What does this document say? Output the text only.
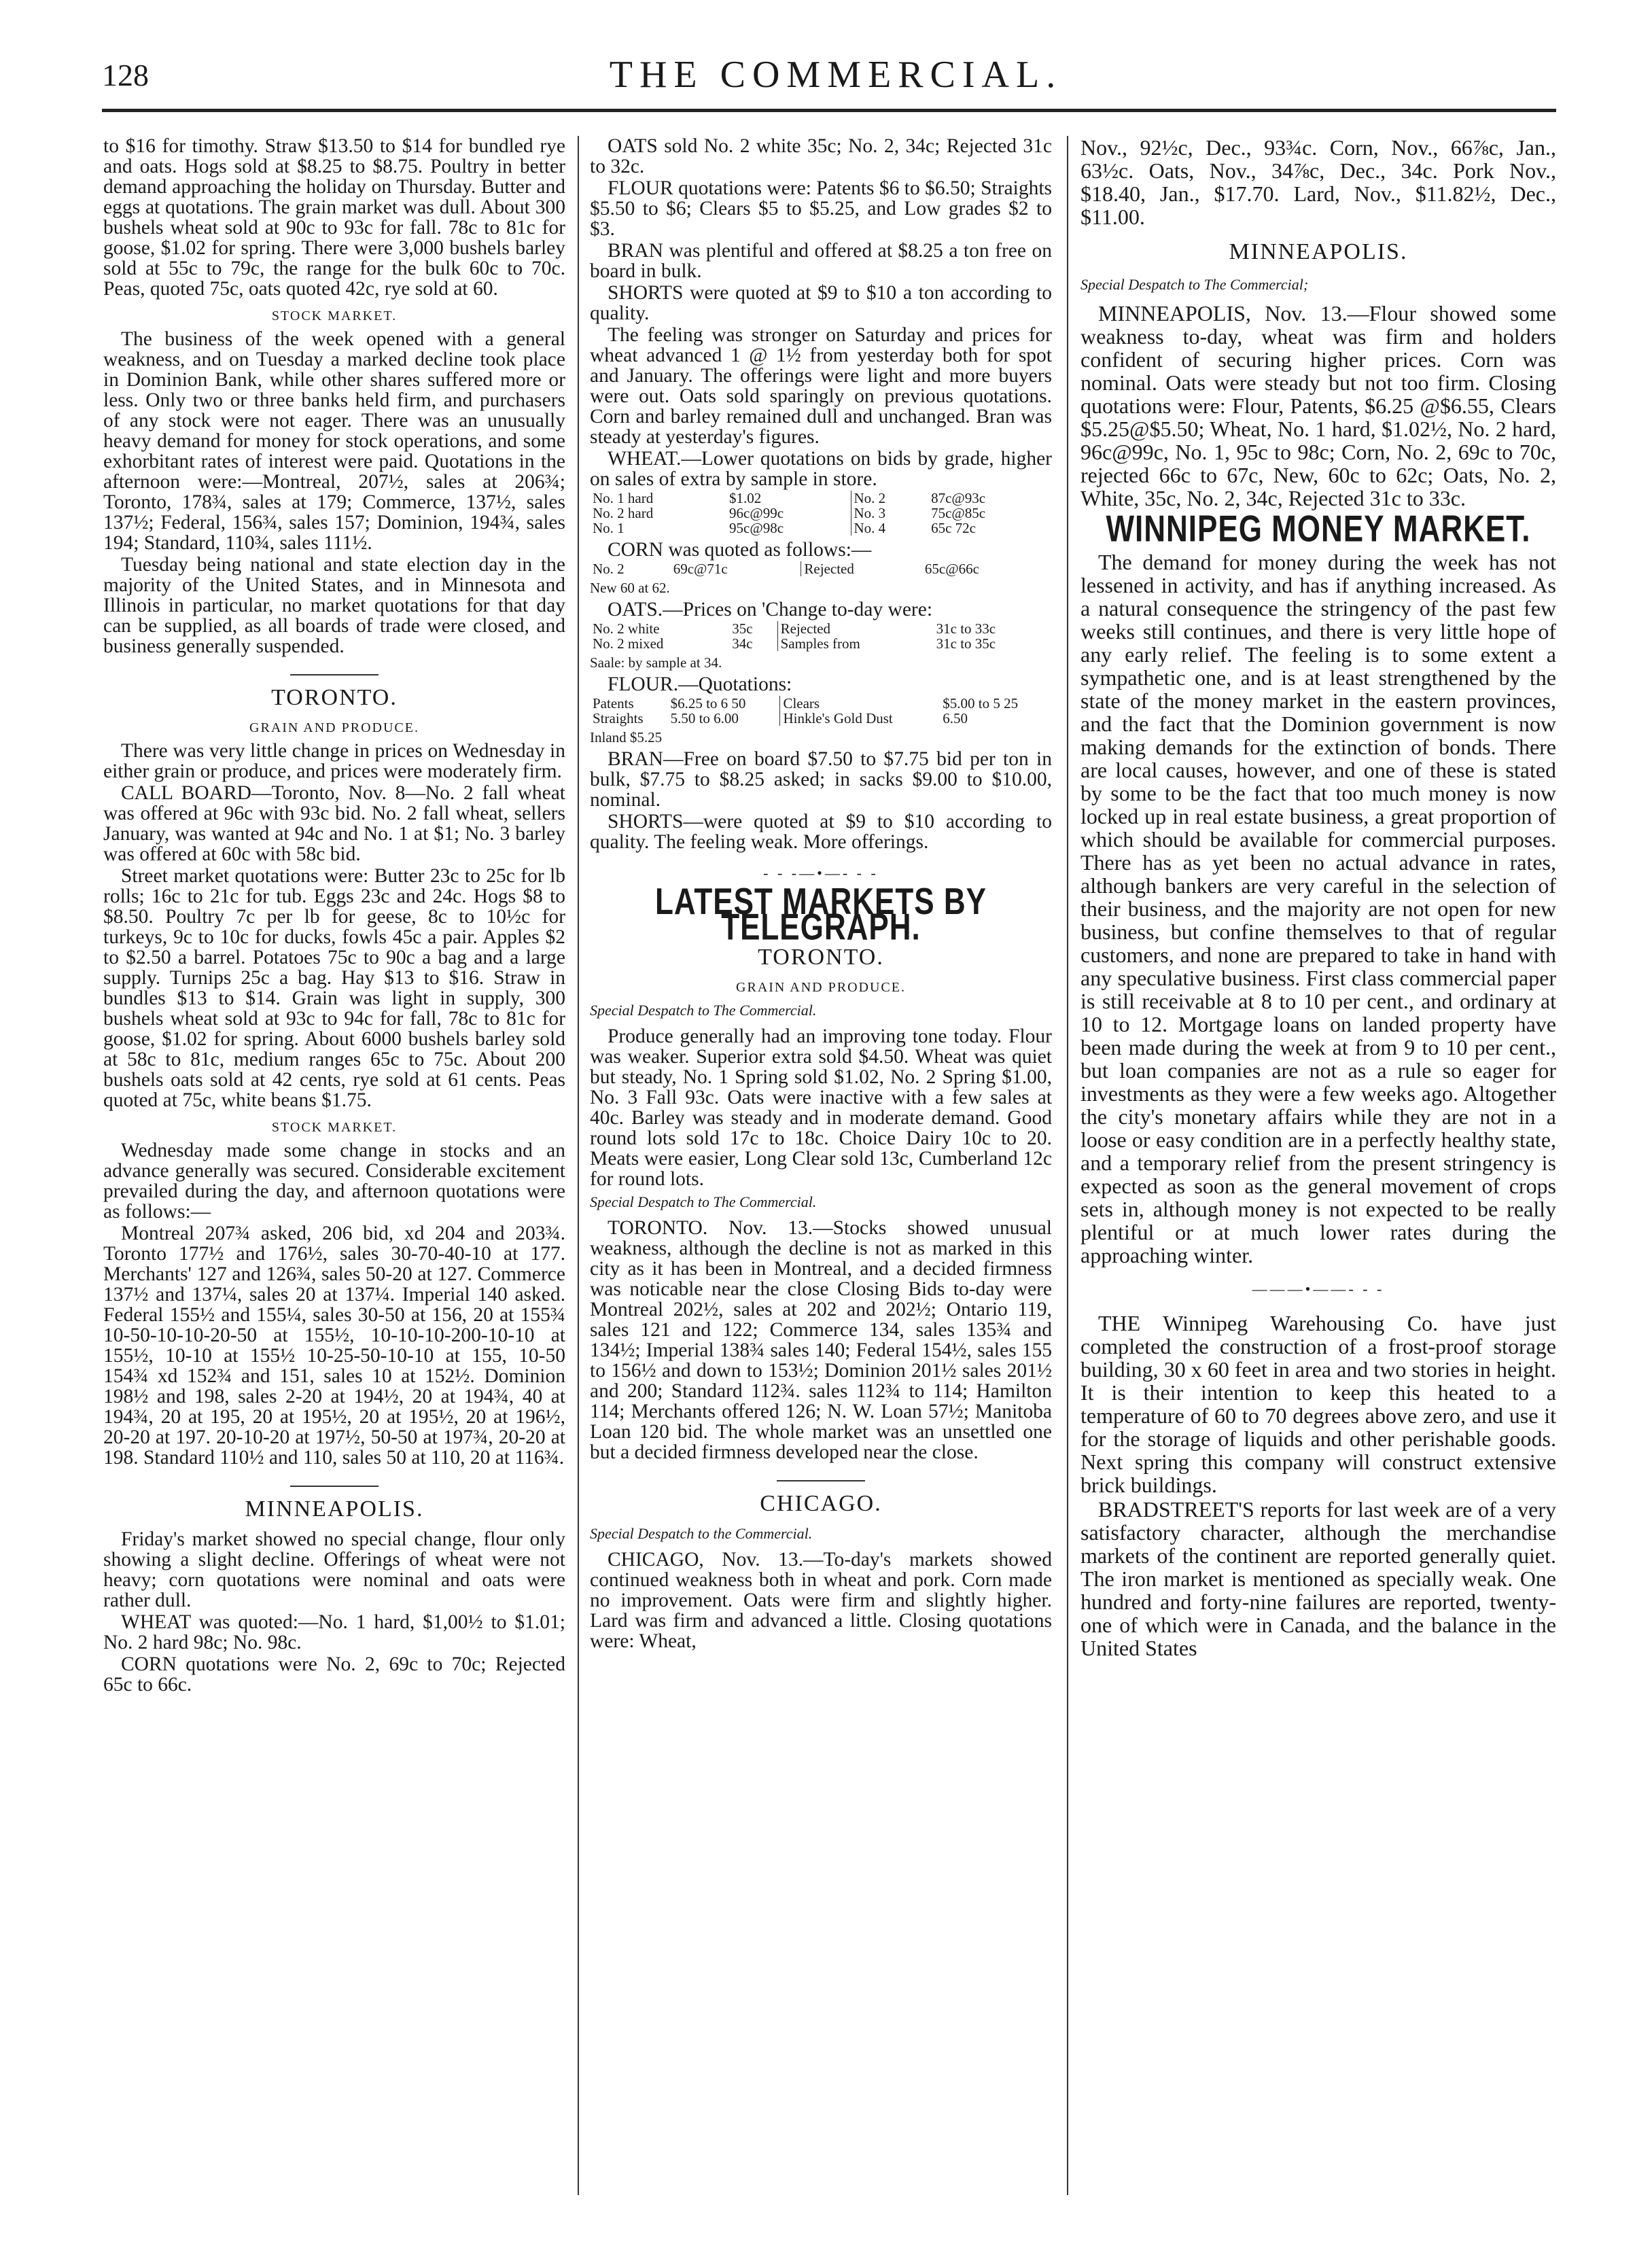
128	THE COMMERCIAL.

to $16 for timothy. Straw $13.50 to $14 for bundled rye and oats. Hogs sold at $8.25 to $8.75. Poultry in better demand approaching the holiday on Thursday. Butter and eggs at quotations. The grain market was dull. About 300 bushels wheat sold at 90c to 93c for fall. 78c to 81c for goose, $1.02 for spring. There were 3,000 bushels barley sold at 55c to 79c, the range for the bulk 60c to 70c. Peas, quoted 75c, oats quoted 42c, rye sold at 60.

STOCK MARKET.

The business of the week opened with a general weakness, and on Tuesday a marked decline took place in Dominion Bank, while other shares suffered more or less. Only two or three banks held firm, and purchasers of any stock were not eager. There was an unusually heavy demand for money for stock operations, and some exhorbitant rates of interest were paid. Quotations in the afternoon were:—Montreal, 207½, sales at 206¾; Toronto, 178¾, sales at 179; Commerce, 137½, sales 137½; Federal, 156¾, sales 157; Dominion, 194¾, sales 194; Standard, 110¾, sales 111½.

Tuesday being national and state election day in the majority of the United States, and in Minnesota and Illinois in particular, no market quotations for that day can be supplied, as all boards of trade were closed, and business generally suspended.

TORONTO.
GRAIN AND PRODUCE.

There was very little change in prices on Wednesday in either grain or produce, and prices were moderately firm.

CALL BOARD—Toronto, Nov. 8—No. 2 fall wheat was offered at 96c with 93c bid. No. 2 fall wheat, sellers January, was wanted at 94c and No. 1 at $1; No. 3 barley was offered at 60c with 58c bid.

Street market quotations were: Butter 23c to 25c for lb rolls; 16c to 21c for tub. Eggs 23c and 24c. Hogs $8 to $8.50. Poultry 7c per lb for geese, 8c to 10½c for turkeys, 9c to 10c for ducks, fowls 45c a pair. Apples $2 to $2.50 a barrel. Potatoes 75c to 90c a bag and a large supply. Turnips 25c a bag. Hay $13 to $16. Straw in bundles $13 to $14. Grain was light in supply, 300 bushels wheat sold at 93c to 94c for fall, 78c to 81c for goose, $1.02 for spring. About 6000 bushels barley sold at 58c to 81c, medium ranges 65c to 75c. About 200 bushels oats sold at 42 cents, rye sold at 61 cents. Peas quoted at 75c, white beans $1.75.

STOCK MARKET.

Wednesday made some change in stocks and an advance generally was secured. Considerable excitement prevailed during the day, and afternoon quotations were as follows:—

Montreal 207¾ asked, 206 bid, xd 204 and 203¾. Toronto 177½ and 176½, sales 30-70-40-10 at 177. Merchants' 127 and 126¾, sales 50-20 at 127. Commerce 137½ and 137¼, sales 20 at 137¼. Imperial 140 asked. Federal 155½ and 155¼, sales 30-50 at 156, 20 at 155¾ 10-50-10-10-20-50 at 155½, 10-10-10-200-10-10 at 155½, 10-10 at 155½ 10-25-50-10-10 at 155, 10-50 154¾ xd 152¾ and 151, sales 10 at 152½. Dominion 198½ and 198, sales 2-20 at 194½, 20 at 194¾, 40 at 194¾, 20 at 195, 20 at 195½, 20 at 195½, 20 at 196½, 20-20 at 197. 20-10-20 at 197½, 50-50 at 197¾, 20-20 at 198. Standard 110½ and 110, sales 50 at 110, 20 at 116¾.

MINNEAPOLIS.

Friday's market showed no special change, flour only showing a slight decline. Offerings of wheat were not heavy; corn quotations were nominal and oats were rather dull.

WHEAT was quoted:—No. 1 hard, $1,00½ to $1.01; No. 2 hard 98c; No. 98c.

CORN quotations were No. 2, 69c to 70c; Rejected 65c to 66c.

OATS sold No. 2 white 35c; No. 2, 34c; Rejected 31c to 32c.

FLOUR quotations were: Patents $6 to $6.50; Straights $5.50 to $6; Clears $5 to $5.25, and Low grades $2 to $3.

BRAN was plentiful and offered at $8.25 a ton free on board in bulk.

SHORTS were quoted at $9 to $10 a ton according to quality.

The feeling was stronger on Saturday and prices for wheat advanced 1 @ 1½ from yesterday both for spot and January. The offerings were light and more buyers were out. Oats sold sparingly on previous quotations. Corn and barley remained dull and unchanged. Bran was steady at yesterday's figures.

WHEAT.—Lower quotations on bids by grade, higher on sales of extra by sample in store.

No. 1 hard	$1.02	No. 2	87c@93c
No. 2 hard	96c@99c	No. 3	75c@85c
No. 1	95c@98c	No. 4	65c 72c

CORN was quoted as follows:—

No. 2	69c@71c	Rejected	65c@66c
New 60 at 62.

OATS.—Prices on 'Change to-day were:

No. 2 white	35c	Rejected	31c to 33c
No. 2 mixed	34c	Samples from	31c to 35c
Saale: by sample at 34.

FLOUR.—Quotations:

Patents	$6.25 to 6 50	Clears	$5.00 to 5 25
Straights	5.50 to 6.00	Hinkle's Gold Dust	6.50
Inland $5.25

BRAN—Free on board $7.50 to $7.75 bid per ton in bulk, $7.75 to $8.25 asked; in sacks $9.00 to $10.00, nominal.

SHORTS—were quoted at $9 to $10 according to quality. The feeling weak. More offerings.

- - -—•—- - -
LATEST MARKETS BY TELEGRAPH.
TORONTO.
GRAIN AND PRODUCE.
Special Despatch to The Commercial.

Produce generally had an improving tone today. Flour was weaker. Superior extra sold $4.50. Wheat was quiet but steady, No. 1 Spring sold $1.02, No. 2 Spring $1.00, No. 3 Fall 93c. Oats were inactive with a few sales at 40c. Barley was steady and in moderate demand. Good round lots sold 17c to 18c. Choice Dairy 10c to 20. Meats were easier, Long Clear sold 13c, Cumberland 12c for round lots.

Special Despatch to The Commercial.

TORONTO. Nov. 13.—Stocks showed unusual weakness, although the decline is not as marked in this city as it has been in Montreal, and a decided firmness was noticable near the close Closing Bids to-day were Montreal 202½, sales at 202 and 202½; Ontario 119, sales 121 and 122; Commerce 134, sales 135¾ and 134½; Imperial 138¾ sales 140; Federal 154½, sales 155 to 156½ and down to 153½; Dominion 201½ sales 201½ and 200; Standard 112¾. sales 112¾ to 114; Hamilton 114; Merchants offered 126; N. W. Loan 57½; Manitoba Loan 120 bid. The whole market was an unsettled one but a decided firmness developed near the close.

CHICAGO.
Special Despatch to the Commercial.

CHICAGO, Nov. 13.—To-day's markets showed continued weakness both in wheat and pork. Corn made no improvement. Oats were firm and slightly higher. Lard was firm and advanced a little. Closing quotations were: Wheat,

Nov., 92½c, Dec., 93¾c. Corn, Nov., 66⅞c, Jan., 63½c. Oats, Nov., 34⅞c, Dec., 34c. Pork Nov., $18.40, Jan., $17.70. Lard, Nov., $11.82½, Dec., $11.00.

MINNEAPOLIS.
Special Despatch to The Commercial;

MINNEAPOLIS, Nov. 13.—Flour showed some weakness to-day, wheat was firm and holders confident of securing higher prices. Corn was nominal. Oats were steady but not too firm. Closing quotations were: Flour, Patents, $6.25 @$6.55, Clears $5.25@$5.50; Wheat, No. 1 hard, $1.02½, No. 2 hard, 96c@99c, No. 1, 95c to 98c; Corn, No. 2, 69c to 70c, rejected 66c to 67c, New, 60c to 62c; Oats, No. 2, White, 35c, No. 2, 34c, Rejected 31c to 33c.

WINNIPEG MONEY MARKET.

The demand for money during the week has not lessened in activity, and has if anything increased. As a natural consequence the stringency of the past few weeks still continues, and there is very little hope of any early relief. The feeling is to some extent a sympathetic one, and is at least strengthened by the state of the money market in the eastern provinces, and the fact that the Dominion government is now making demands for the extinction of bonds. There are local causes, however, and one of these is stated by some to be the fact that too much money is now locked up in real estate business, a great proportion of which should be available for commercial purposes. There has as yet been no actual advance in rates, although bankers are very careful in the selection of their business, and the majority are not open for new business, but confine themselves to that of regular customers, and none are prepared to take in hand with any speculative business. First class commercial paper is still receivable at 8 to 10 per cent., and ordinary at 10 to 12. Mortgage loans on landed property have been made during the week at from 9 to 10 per cent., but loan companies are not as a rule so eager for investments as they were a few weeks ago. Altogether the city's monetary affairs while they are not in a loose or easy condition are in a perfectly healthy state, and a temporary relief from the present stringency is expected as soon as the general movement of crops sets in, although money is not expected to be really plentiful or at much lower rates during the approaching winter.

———•——- - -

THE Winnipeg Warehousing Co. have just completed the construction of a frost-proof storage building, 30 x 60 feet in area and two stories in height. It is their intention to keep this heated to a temperature of 60 to 70 degrees above zero, and use it for the storage of liquids and other perishable goods. Next spring this company will construct extensive brick buildings.

BRADSTREET'S reports for last week are of a very satisfactory character, although the merchandise markets of the continent are reported generally quiet. The iron market is mentioned as specially weak. One hundred and forty-nine failures are reported, twenty-one of which were in Canada, and the balance in the United States
